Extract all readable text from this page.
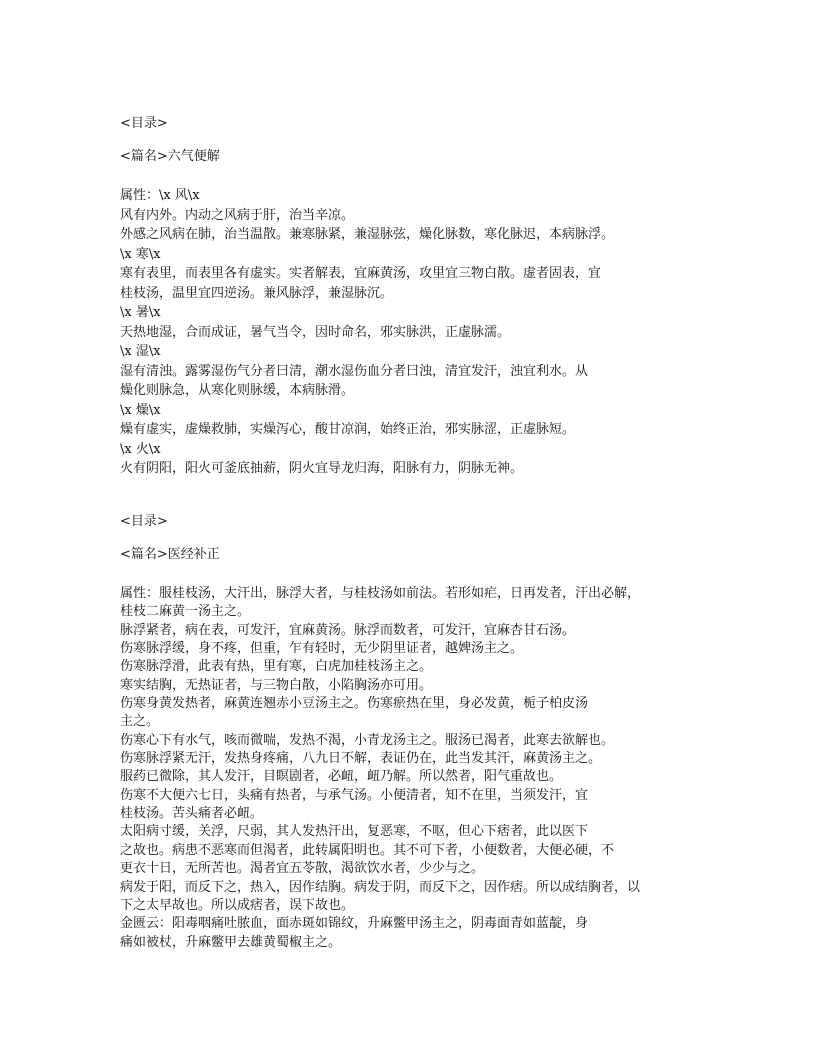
<目录>
<篇名>六气便解
属性：\x 风\x
风有内外。内动之风病于肝，治当辛凉。
外感之风病在肺，治当温散。兼寒脉紧，兼湿脉弦，燥化脉数，寒化脉迟，本病脉浮。
\x 寒\x
寒有表里，而表里各有虚实。实者解表，宜麻黄汤，攻里宜三物白散。虚者固表，宜
桂枝汤，温里宜四逆汤。兼风脉浮，兼湿脉沉。
\x 暑\x
天热地湿，合而成证，暑气当令，因时命名，邪实脉洪，正虚脉濡。
\x 湿\x
湿有清浊。露雾湿伤气分者曰清，潮水湿伤血分者曰浊，清宜发汗，浊宜利水。从
燥化则脉急，从寒化则脉缓，本病脉滑。
\x 燥\x
燥有虚实，虚燥救肺，实燥泻心，酸甘凉润，始终正治，邪实脉涩，正虚脉短。
\x 火\x
火有阴阳，阳火可釜底抽薪，阴火宜导龙归海，阳脉有力，阴脉无神。
<目录>
<篇名>医经补正
属性：服桂枝汤，大汗出，脉浮大者，与桂枝汤如前法。若形如疟，日再发者，汗出必解，
桂枝二麻黄一汤主之。
脉浮紧者，病在表，可发汗，宜麻黄汤。脉浮而数者，可发汗，宜麻杏甘石汤。
伤寒脉浮缓，身不疼，但重，乍有轻时，无少阴里证者，越婢汤主之。
伤寒脉浮滑，此表有热，里有寒，白虎加桂枝汤主之。
寒实结胸，无热证者，与三物白散，小陷胸汤亦可用。
伤寒身黄发热者，麻黄连翘赤小豆汤主之。伤寒瘀热在里，身必发黄，栀子柏皮汤
主之。
伤寒心下有水气，咳而微喘，发热不渴，小青龙汤主之。服汤已渴者，此寒去欲解也。
伤寒脉浮紧无汗，发热身疼痛，八九日不解，表证仍在，此当发其汗，麻黄汤主之。
服药已微除，其人发汗，目瞑剧者，必衄，衄乃解。所以然者，阳气重故也。
伤寒不大便六七日，头痛有热者，与承气汤。小便清者，知不在里，当须发汗，宜
桂枝汤。苦头痛者必衄。
太阳病寸缓，关浮，尺弱，其人发热汗出，复恶寒，不呕，但心下痞者，此以医下
之故也。病患不恶寒而但渴者，此转属阳明也。其不可下者，小便数者，大便必硬，不
更衣十日，无所苦也。渴者宜五苓散，渴欲饮水者，少少与之。
病发于阳，而反下之，热入，因作结胸。病发于阴，而反下之，因作痞。所以成结胸者，以
下之太早故也。所以成痞者，误下故也。
金匮云：阳毒咽痛吐脓血，面赤斑如锦纹，升麻鳖甲汤主之，阴毒面青如蓝靛，身
痛如被杖，升麻鳖甲去雄黄蜀椒主之。
